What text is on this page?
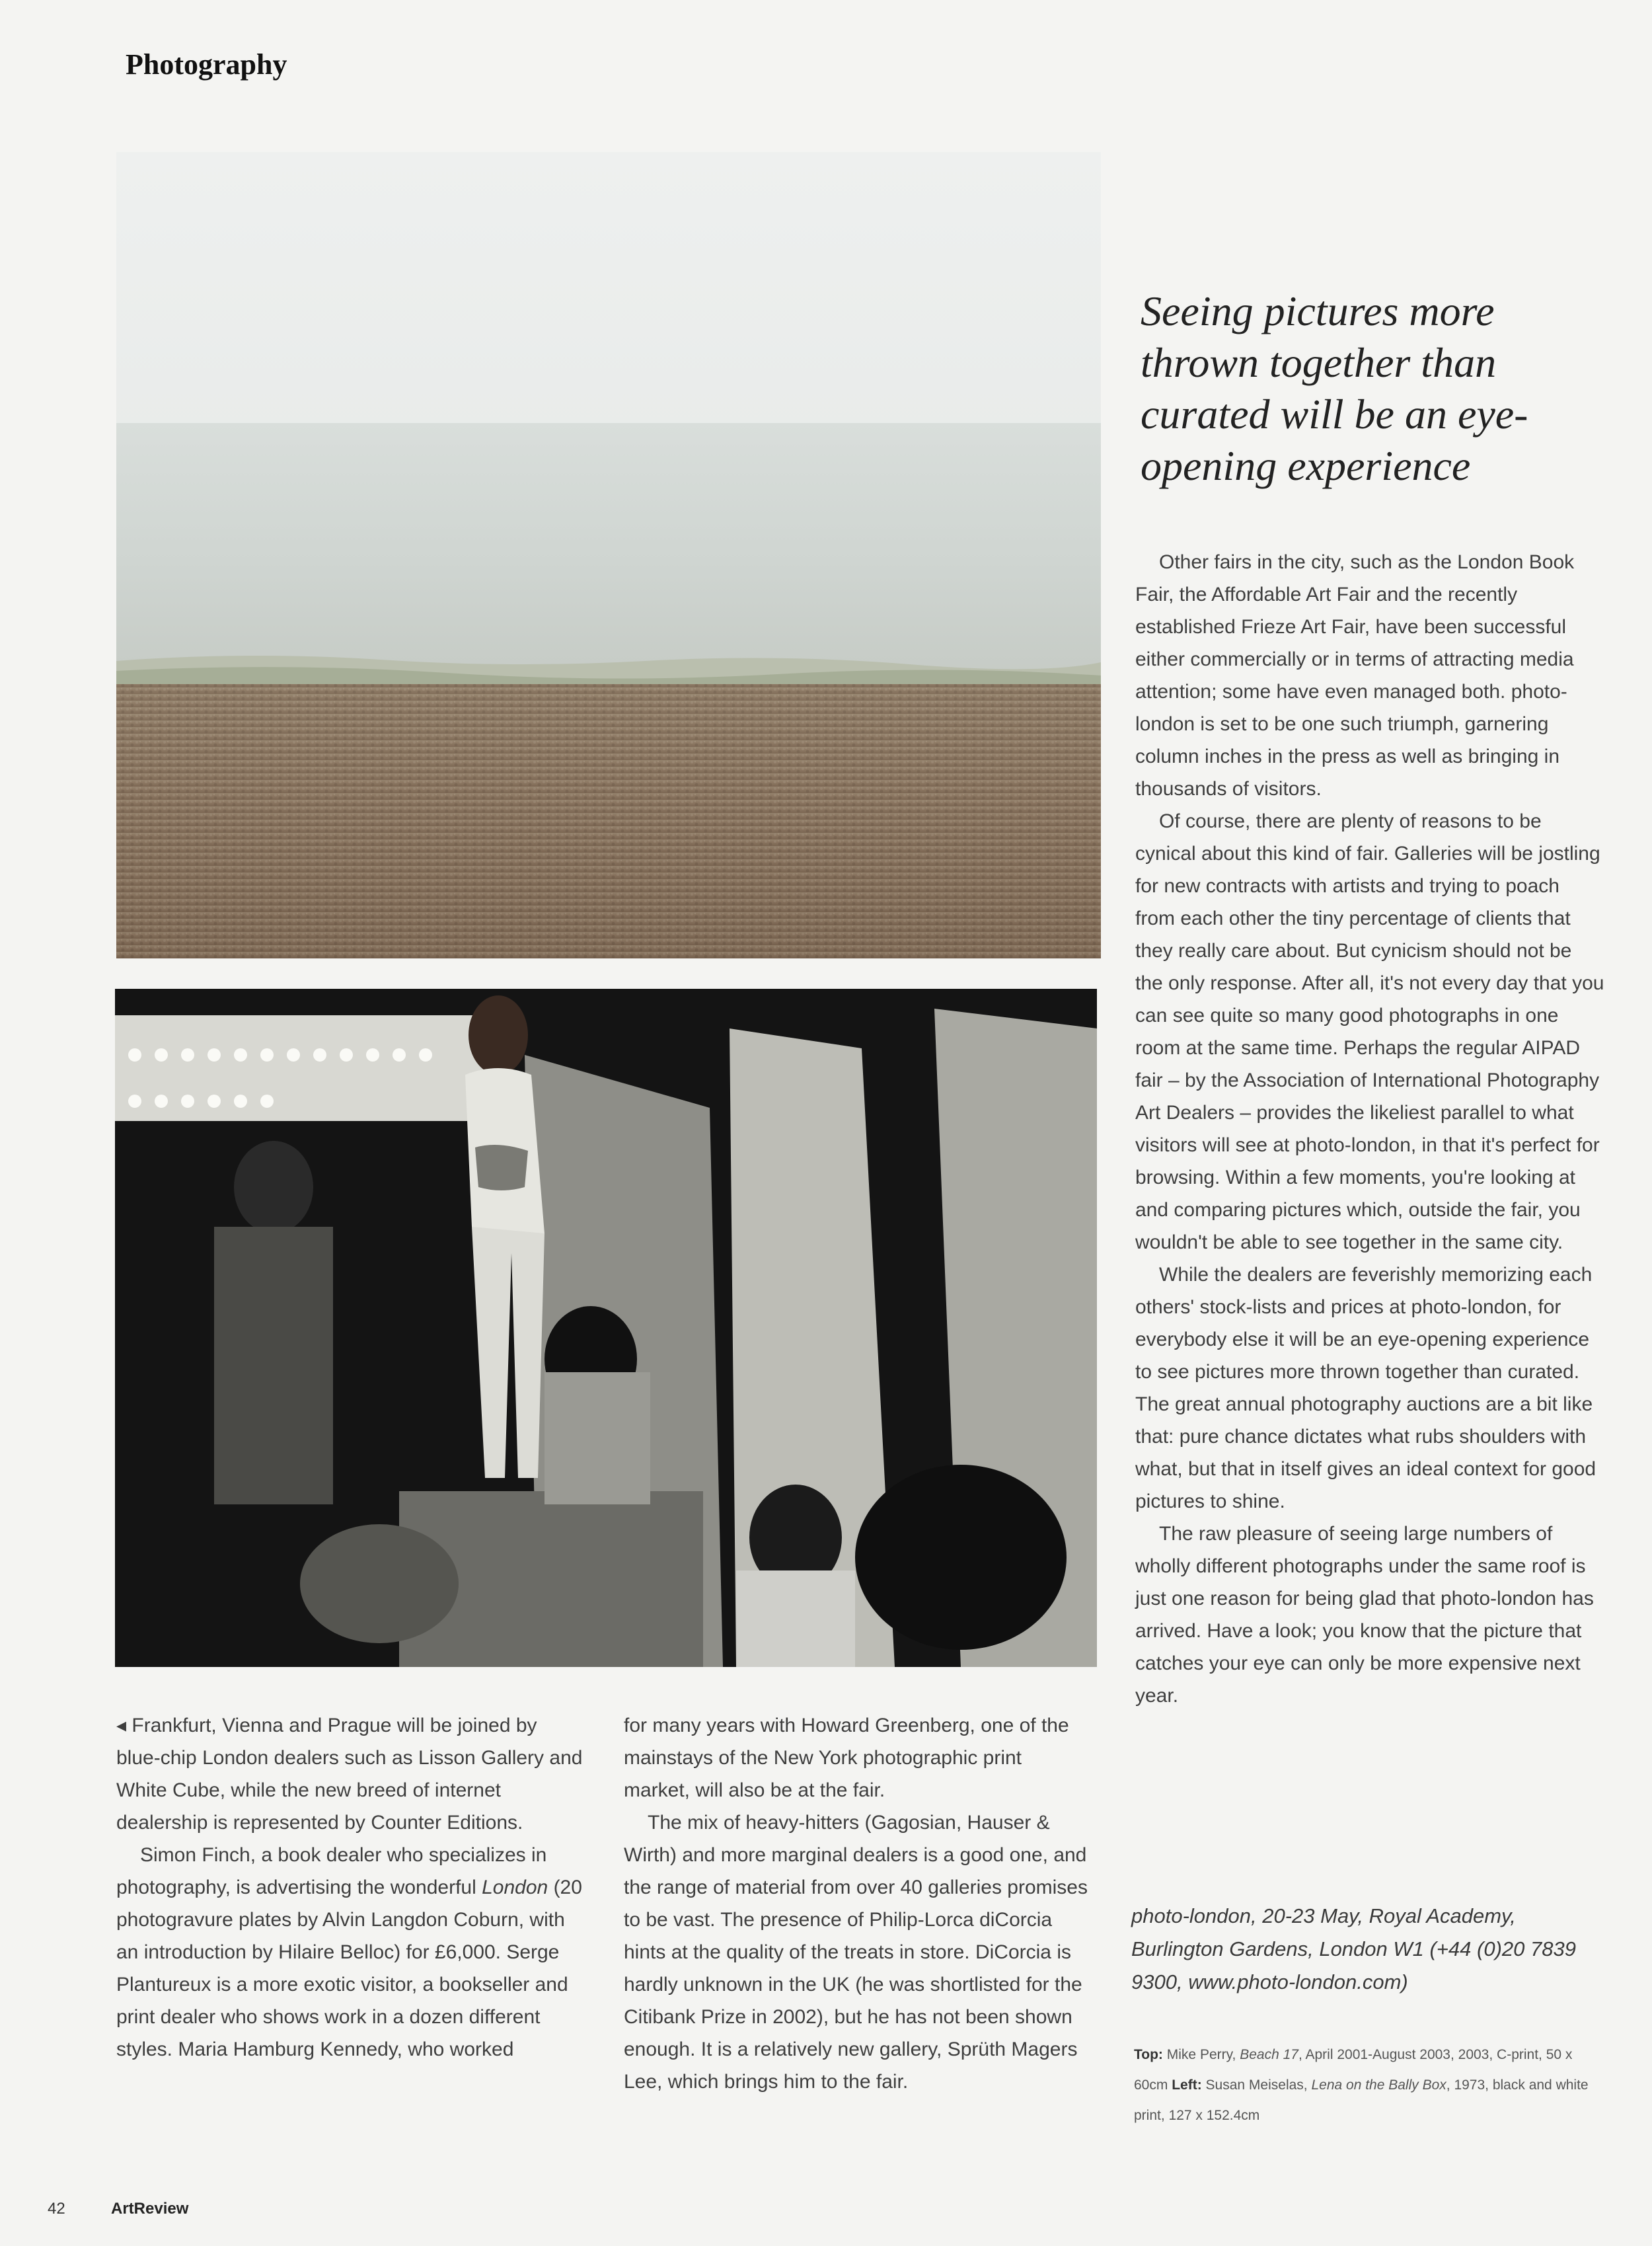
Photography

Seeing pictures more thrown together than curated will be an eye-opening experience

Other fairs in the city, such as the London Book Fair, the Affordable Art Fair and the recently established Frieze Art Fair, have been successful either commercially or in terms of attracting media attention; some have even managed both. photo-london is set to be one such triumph, garnering column inches in the press as well as bringing in thousands of visitors.

Of course, there are plenty of reasons to be cynical about this kind of fair. Galleries will be jostling for new contracts with artists and trying to poach from each other the tiny percentage of clients that they really care about. But cynicism should not be the only response. After all, it's not every day that you can see quite so many good photographs in one room at the same time. Perhaps the regular AIPAD fair – by the Association of International Photography Art Dealers – provides the likeliest parallel to what visitors will see at photo-london, in that it's perfect for browsing. Within a few moments, you're looking at and comparing pictures which, outside the fair, you wouldn't be able to see together in the same city.

While the dealers are feverishly memorizing each others' stock-lists and prices at photo-london, for everybody else it will be an eye-opening experience to see pictures more thrown together than curated. The great annual photography auctions are a bit like that: pure chance dictates what rubs shoulders with what, but that in itself gives an ideal context for good pictures to shine.

The raw pleasure of seeing large numbers of wholly different photographs under the same roof is just one reason for being glad that photo-london has arrived. Have a look; you know that the picture that catches your eye can only be more expensive next year.

◂ Frankfurt, Vienna and Prague will be joined by blue-chip London dealers such as Lisson Gallery and White Cube, while the new breed of internet dealership is represented by Counter Editions.

Simon Finch, a book dealer who specializes in photography, is advertising the wonderful London (20 photogravure plates by Alvin Langdon Coburn, with an introduction by Hilaire Belloc) for £6,000. Serge Plantureux is a more exotic visitor, a bookseller and print dealer who shows work in a dozen different styles. Maria Hamburg Kennedy, who worked

for many years with Howard Greenberg, one of the mainstays of the New York photographic print market, will also be at the fair.

The mix of heavy-hitters (Gagosian, Hauser & Wirth) and more marginal dealers is a good one, and the range of material from over 40 galleries promises to be vast. The presence of Philip-Lorca diCorcia hints at the quality of the treats in store. DiCorcia is hardly unknown in the UK (he was shortlisted for the Citibank Prize in 2002), but he has not been shown enough. It is a relatively new gallery, Sprüth Magers Lee, which brings him to the fair.

photo-london, 20-23 May, Royal Academy, Burlington Gardens, London W1 (+44 (0)20 7839 9300, www.photo-london.com)

Top: Mike Perry, Beach 17, April 2001-August 2003, 2003, C-print, 50 x 60cm Left: Susan Meiselas, Lena on the Bally Box, 1973, black and white print, 127 x 152.4cm

42	ArtReview
